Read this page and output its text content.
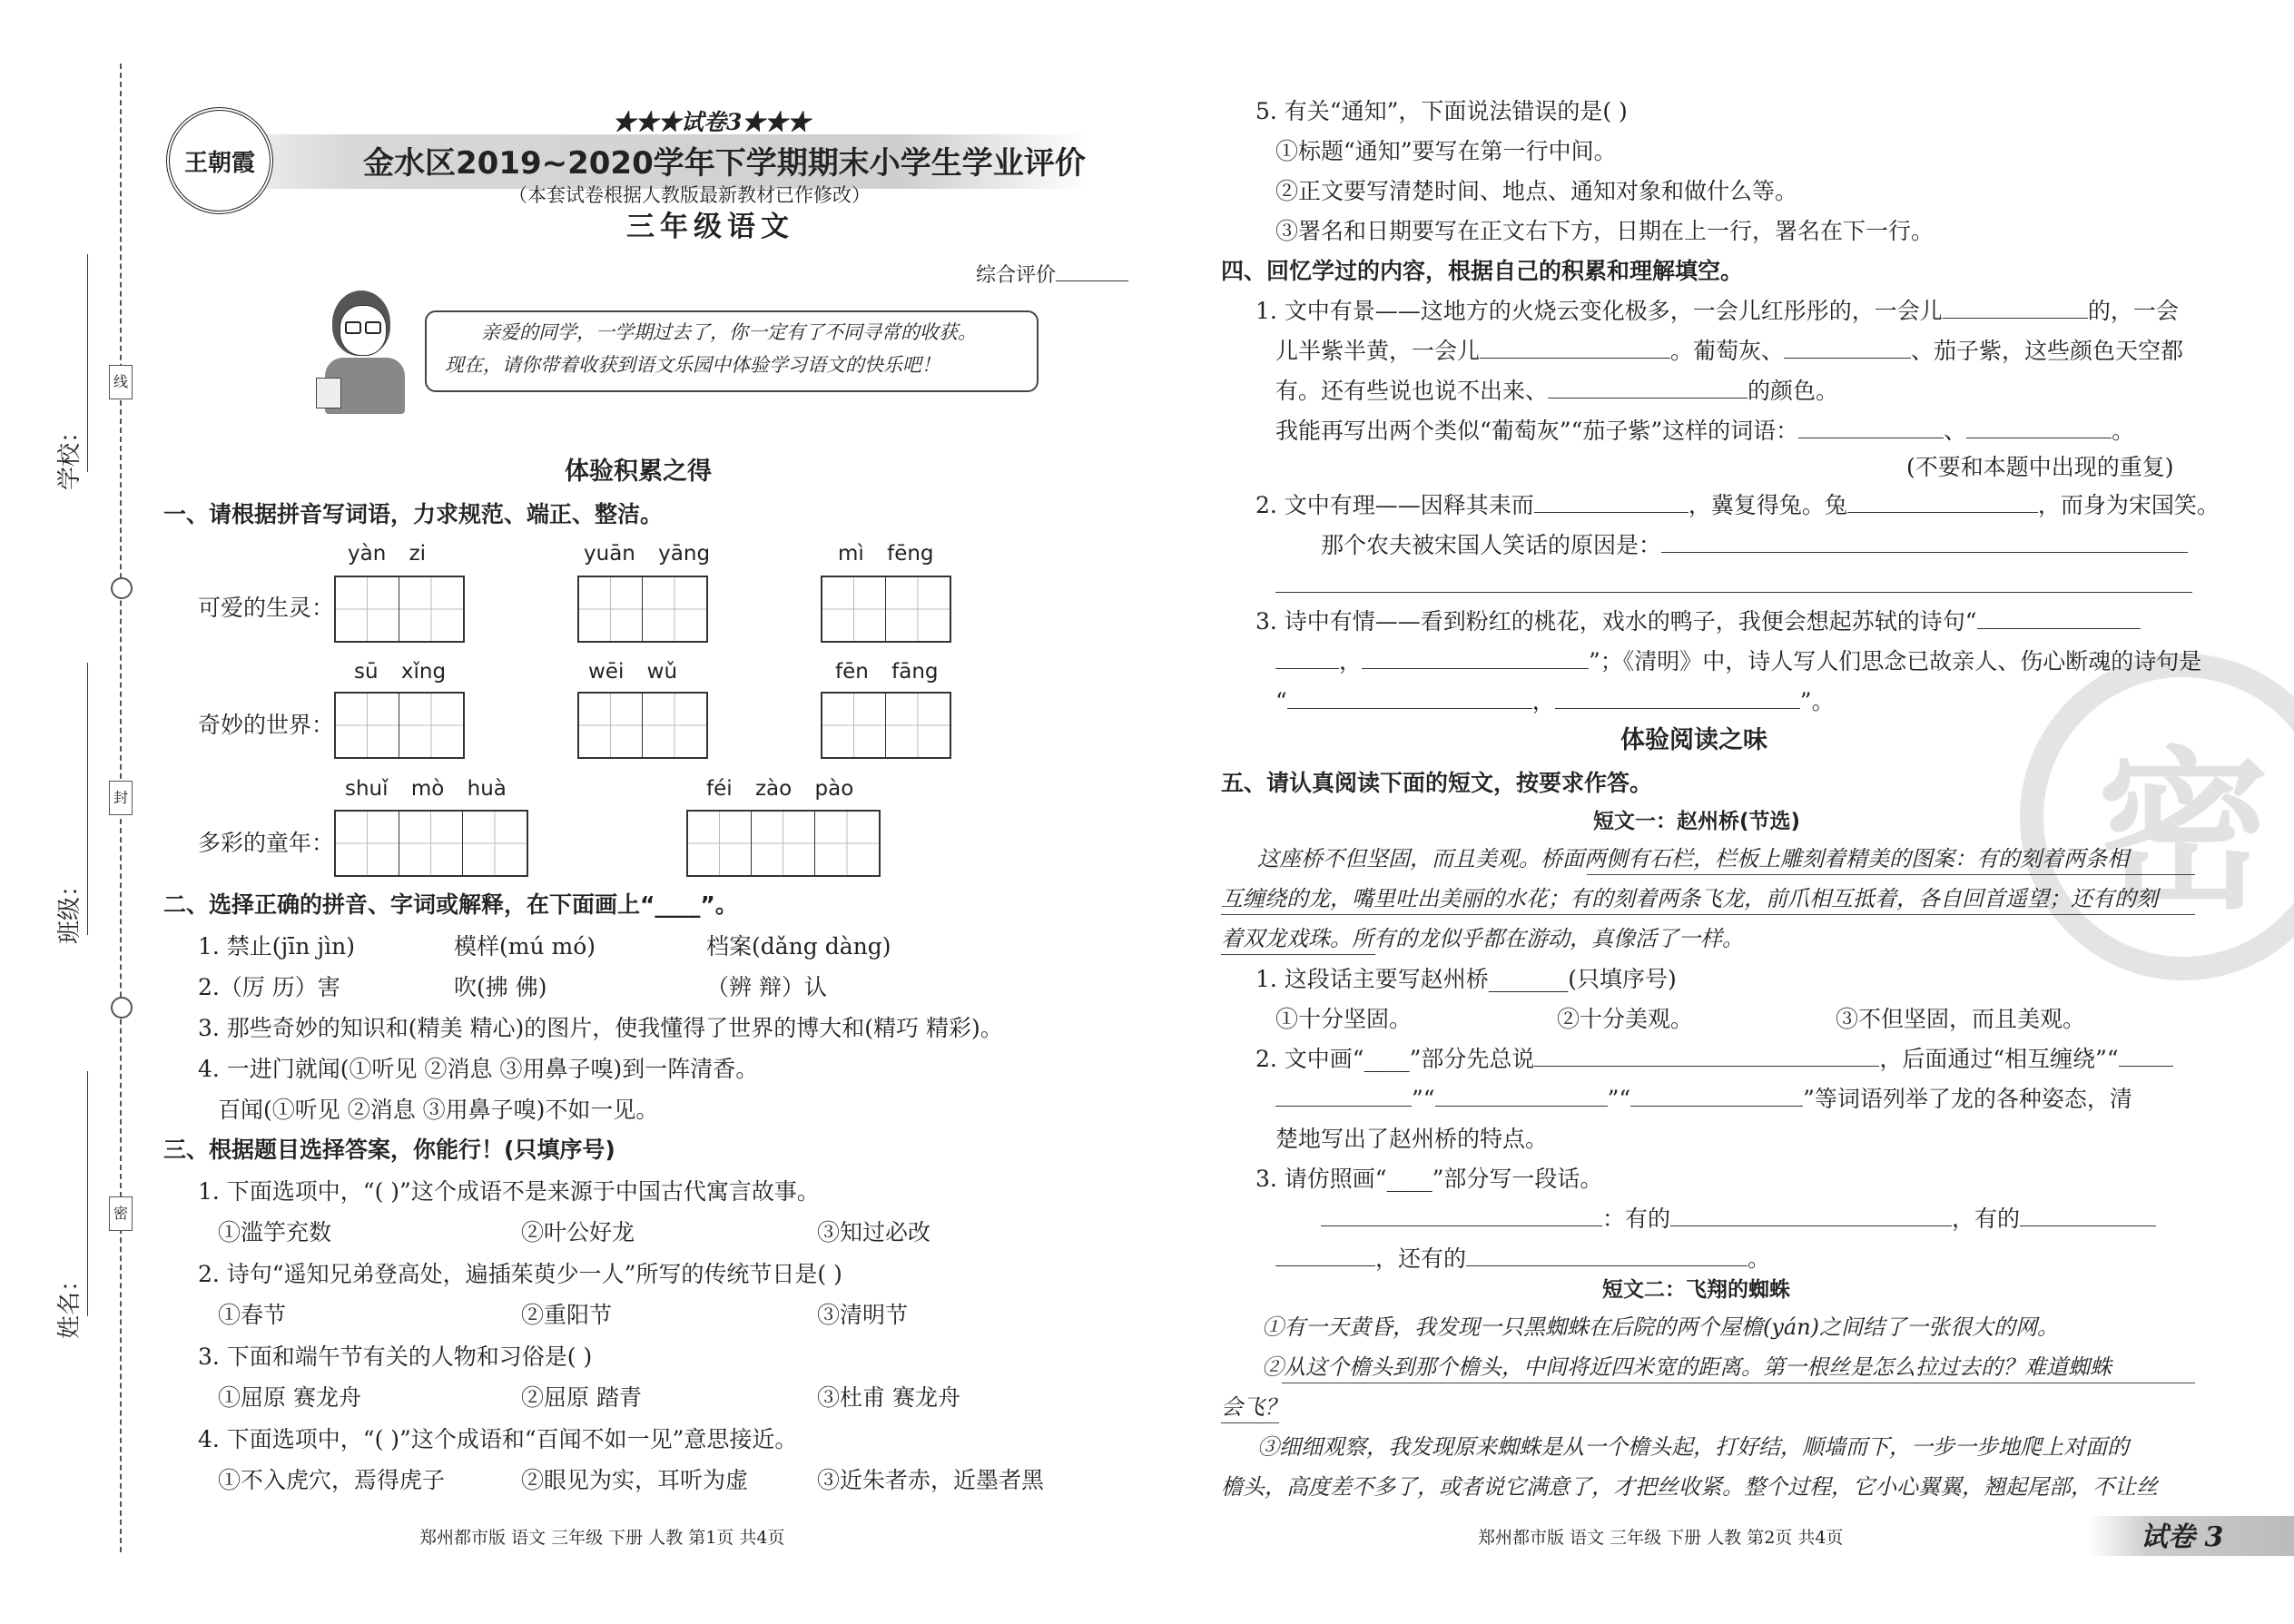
学校：
班级：
姓名：
线
封
密
王朝霞
★★★试卷3★★★
金水区2019~2020学年下学期期末小学生学业评价
（本套试卷根据人教版最新教材已作修改）
三年级语文
综合评价
亲爱的同学，一学期过去了，你一定有了不同寻常的收获。
现在，请你带着收获到语文乐园中体验学习语文的快乐吧！
体验积累之得
一、请根据拼音写词语，力求规范、端正、整洁。
可爱的生灵：
yàn zi	yuān yāng	mì fēng
奇妙的世界：
sū xǐng	wēi wǔ	fēn fāng
多彩的童年：
shuǐ mò huà	féi zào pào
二、选择正确的拼音、字词或解释，在下面画上“____”。
1. 禁止(jīn jìn)	模样(mú mó)	档案(dǎng dàng)
2.（厉 历）害	吹(拂 佛)	（辨 辩）认
3. 那些奇妙的知识和(精美 精心)的图片，使我懂得了世界的博大和(精巧 精彩)。
4. 一进门就闻(①听见 ②消息 ③用鼻子嗅)到一阵清香。
百闻(①听见 ②消息 ③用鼻子嗅)不如一见。
三、根据题目选择答案，你能行！(只填序号)
1. 下面选项中，“( )”这个成语不是来源于中国古代寓言故事。
①滥竽充数	②叶公好龙	③知过必改
2. 诗句“遥知兄弟登高处，遍插茱萸少一人”所写的传统节日是( )
①春节	②重阳节	③清明节
3. 下面和端午节有关的人物和习俗是( )
①屈原 赛龙舟	②屈原 踏青	③杜甫 赛龙舟
4. 下面选项中，“( )”这个成语和“百闻不如一见”意思接近。
①不入虎穴，焉得虎子	②眼见为实，耳听为虚	③近朱者赤，近墨者黑
郑州都市版 语文 三年级 下册 人教 第1页 共4页
密
5. 有关“通知”，下面说法错误的是( )
①标题“通知”要写在第一行中间。
②正文要写清楚时间、地点、通知对象和做什么等。
③署名和日期要写在正文右下方，日期在上一行，署名在下一行。
四、回忆学过的内容，根据自己的积累和理解填空。
1. 文中有景——这地方的火烧云变化极多，一会儿红彤彤的，一会儿	的，一会
儿半紫半黄，一会儿	。葡萄灰、	、茄子紫，这些颜色天空都
有。还有些说也说不出来、	的颜色。
我能再写出两个类似“葡萄灰”“茄子紫”这样的词语：	、	。
(不要和本题中出现的重复)
2. 文中有理——因释其耒而	，冀复得兔。兔	，而身为宋国笑。
那个农夫被宋国人笑话的原因是：
3. 诗中有情——看到粉红的桃花，戏水的鸭子，我便会想起苏轼的诗句“
，	”；《清明》中，诗人写人们思念已故亲人、伤心断魂的诗句是
“	，	”。
体验阅读之味
五、请认真阅读下面的短文，按要求作答。
短文一：赵州桥(节选)
这座桥不但坚固，而且美观。桥面两侧有石栏，栏板上雕刻着精美的图案：有的刻着两条相
互缠绕的龙，嘴里吐出美丽的水花；有的刻着两条飞龙，前爪相互抵着，各自回首遥望；还有的刻
着双龙戏珠。所有的龙似乎都在游动，真像活了一样。
1. 这段话主要写赵州桥_______(只填序号)
①十分坚固。	②十分美观。	③不但坚固，而且美观。
2. 文中画“____”部分先总说	，后面通过“相互缠绕”“
”“	”“	”等词语列举了龙的各种姿态，清
楚地写出了赵州桥的特点。
3. 请仿照画“____”部分写一段话。
：有的	，有的
，还有的	。
短文二：飞翔的蜘蛛
①有一天黄昏，我发现一只黑蜘蛛在后院的两个屋檐(yán)之间结了一张很大的网。
②从这个檐头到那个檐头，中间将近四米宽的距离。第一根丝是怎么拉过去的？难道蜘蛛
会飞？
③细细观察，我发现原来蜘蛛是从一个檐头起，打好结，顺墙而下，一步一步地爬上对面的
檐头，高度差不多了，或者说它满意了，才把丝收紧。整个过程，它小心翼翼，翘起尾部，不让丝
郑州都市版 语文 三年级 下册 人教 第2页 共4页	试卷 3
